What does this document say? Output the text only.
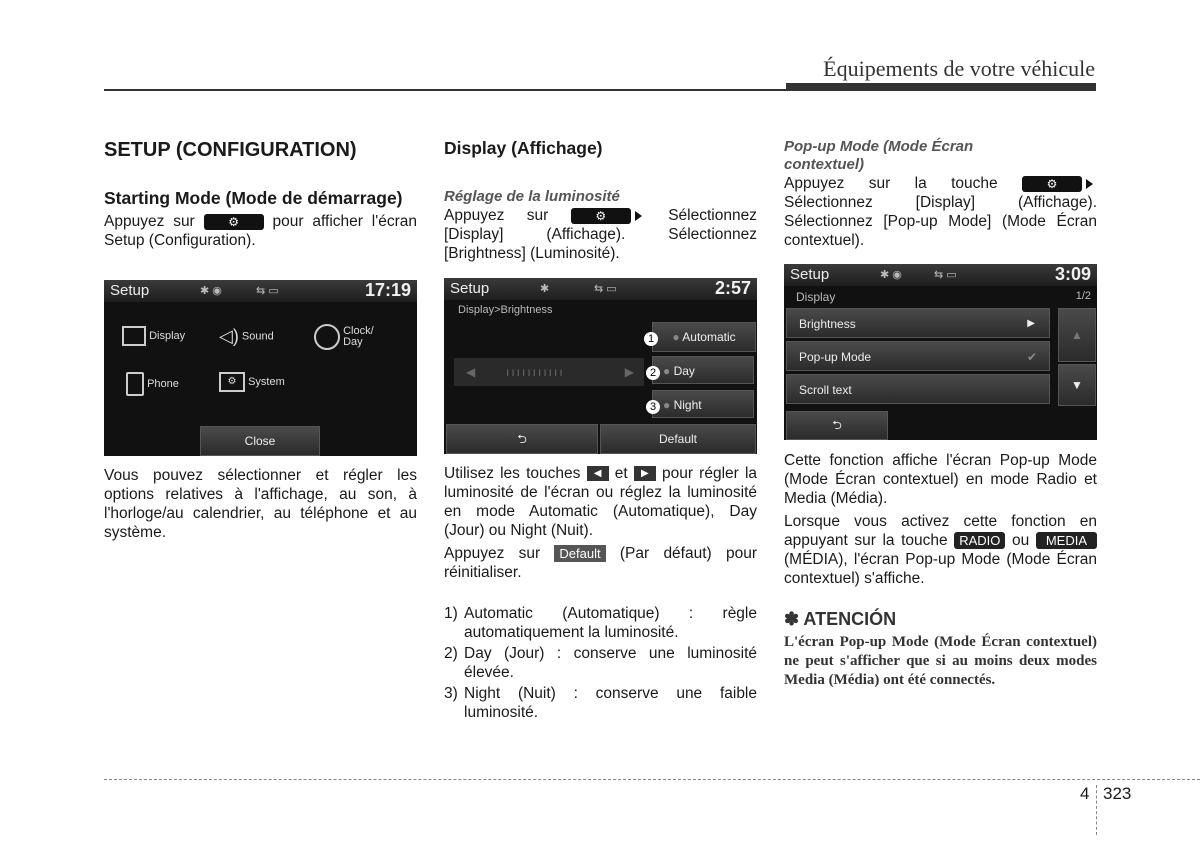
Équipements de votre véhicule
SETUP (CONFIGURATION)
Starting Mode (Mode de démarrage)

Appuyez sur ⚙	pour afficher l'écran Setup (Configuration).

Setup	✱ ◉	⇆ ▭	17:19
Display ◁) Sound	Clock/ Day
Phone	⚙ System
Close

Vous pouvez sélectionner et régler les options relatives à l'affichage, au son, à l'horloge/au calendrier, au téléphone et au système.

Display (Affichage)
Réglage de la luminosité

Appuyez sur ⚙	Sélectionnez [Display] (Affichage). Sélectionnez [Brightness] (Luminosité).

Setup	✱	⇆ ▭	2:57
Display>Brightness
◀	ııııııııııı	▶
● Automatic
● Day
● Night
1
2
3
⮌	Default

Utilisez les touches ◀ et ▶ pour régler la luminosité de l'écran ou réglez la luminosité en mode Automatic (Automatique), Day (Jour) ou Night (Nuit).

Appuyez sur Default (Par défaut) pour réinitialiser.

1) Automatic (Automatique) : règle automatiquement la luminosité.
2) Day (Jour) : conserve une luminosité élevée.
3) Night (Nuit) : conserve une faible luminosité.
Pop-up Mode (Mode Écran contextuel)

Appuyez sur la touche ⚙ Sélectionnez [Display] (Affichage). Sélectionnez [Pop-up Mode] (Mode Écran contextuel).

Setup	✱ ◉	⇆ ▭	3:09
Display	1/2
Brightness	▶
Pop-up Mode	✔
Scroll text
▲
▼
⮌

Cette fonction affiche l'écran Pop-up Mode (Mode Écran contextuel) en mode Radio et Media (Média).

Lorsque vous activez cette fonction en appuyant sur la touche RADIO ou MEDIA (MÉDIA), l'écran Pop-up Mode (Mode Écran contextuel) s'affiche.

✽ ATENCIÓN
L'écran Pop-up Mode (Mode Écran contextuel) ne peut s'afficher que si au moins deux modes Media (Média) ont été connectés.
4 323
